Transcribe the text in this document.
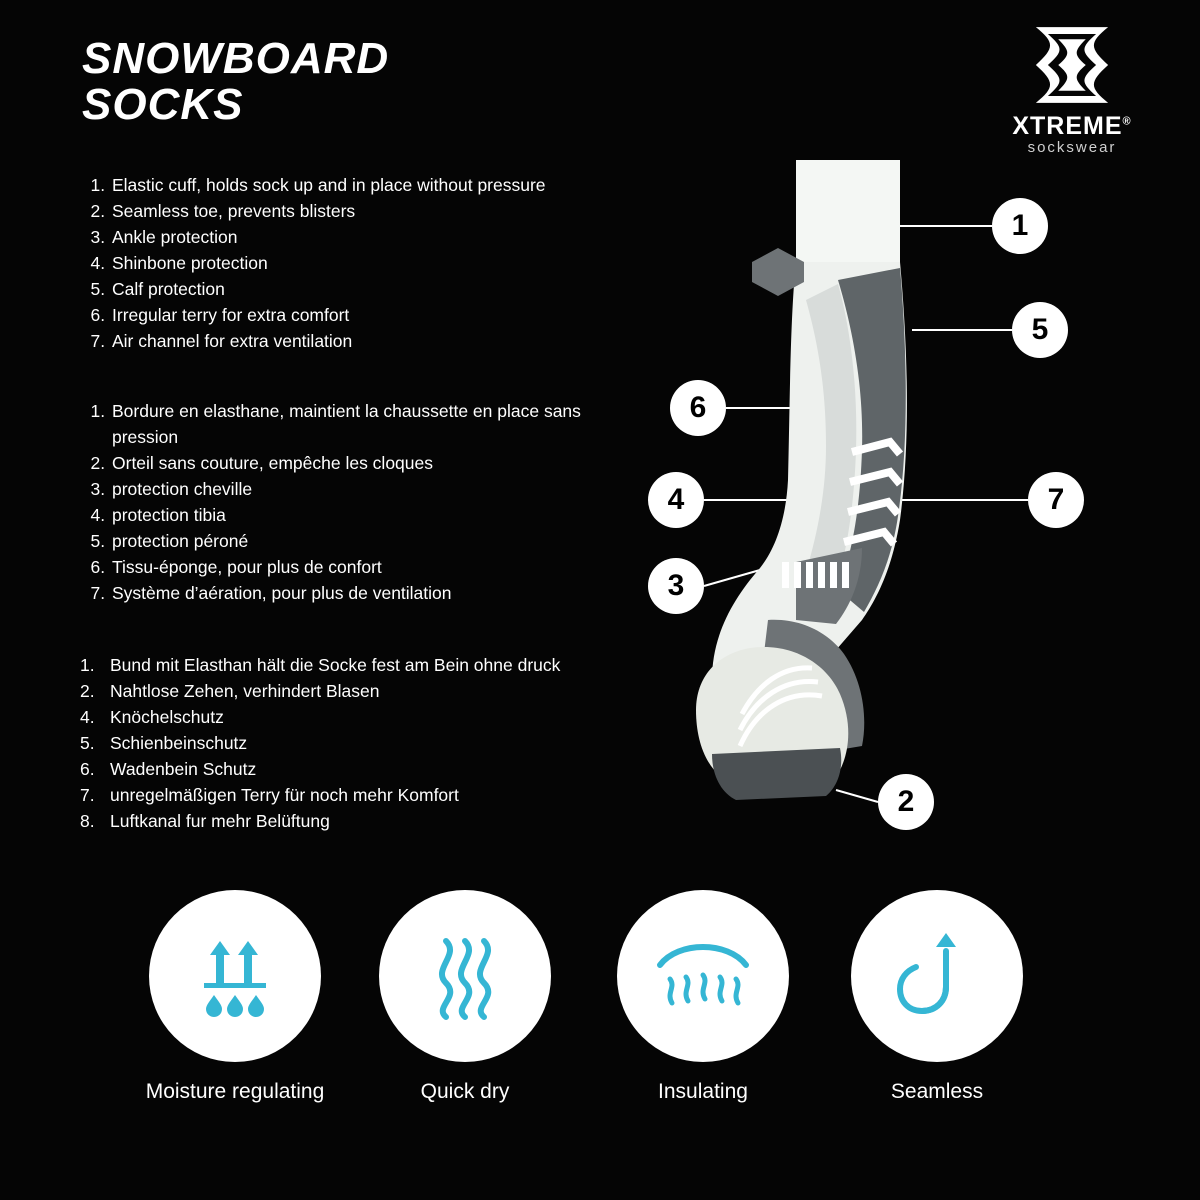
SNOWBOARD
SOCKS	XTREME®
sockswear
1. Elastic cuff, holds sock up and in place without pressure
2. Seamless toe, prevents blisters
3. Ankle protection
4. Shinbone protection
5. Calf protection
6. Irregular terry for extra comfort
7. Air channel for extra ventilation
1. Bordure en elasthane, maintient la chaussette en place sans pression
2. Orteil sans couture, empêche les cloques
3. protection cheville
4. protection tibia
5. protection péroné
6. Tissu-éponge, pour plus de confort
7. Système d’aération, pour plus de ventilation
1. Bund mit Elasthan hält die Socke fest am Bein ohne druck
2. Nahtlose Zehen, verhindert Blasen
4. Knöchelschutz
5. Schienbeinschutz
6. Wadenbein Schutz
7. unregelmäßigen Terry für noch mehr Komfort
8. Luftkanal fur mehr Belüftung
1
5
6
4	7
3
2
Moisture regulating	Quick dry	Insulating	Seamless
